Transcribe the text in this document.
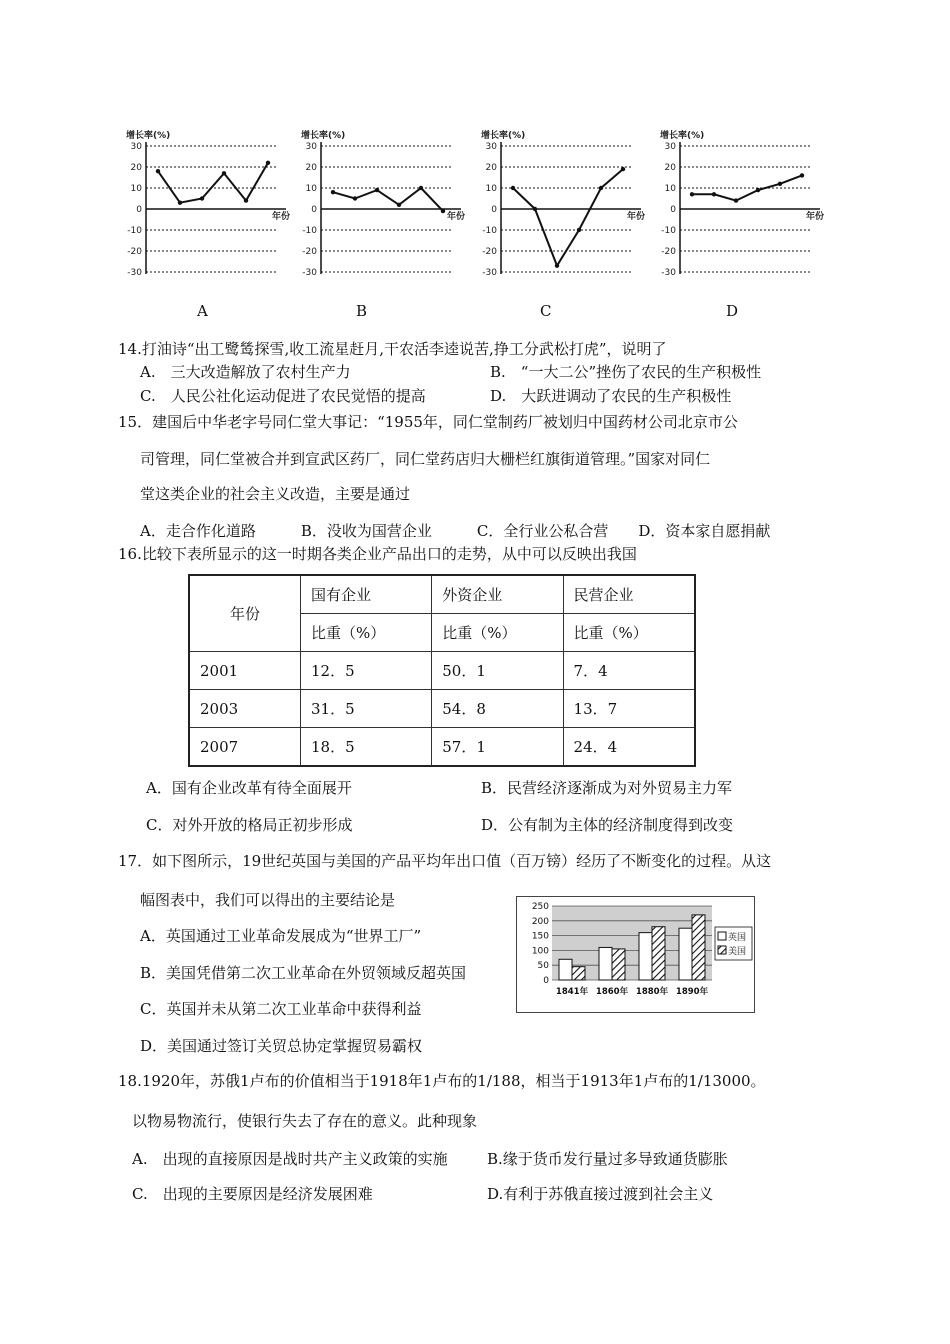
增长率(%)
30
20
10
0
-10
-20
-30
年份
增长率(%)
30
20
10
0
-10
-20
-30
年份
增长率(%)
30
20
10
0
-10
-20
-30
年份
增长率(%)
30
20
10
0
-10
-20
-30
年份
A	B	C	D
14.打油诗“出工鹭鸶探雪,收工流星赶月,干农活李逵说苦,挣工分武松打虎”，说明了
A.　三大改造解放了农村生产力	B.　“一大二公”挫伤了农民的生产积极性
C.　人民公社化运动促进了农民觉悟的提高	D.　大跃进调动了农民的生产积极性
15．建国后中华老字号同仁堂大事记：“1955年，同仁堂制药厂被划归中国药材公司北京市公
司管理，同仁堂被合并到宣武区药厂，同仁堂药店归大栅栏红旗街道管理。”国家对同仁
堂这类企业的社会主义改造，主要是通过
A．走合作化道路　　　B．没收为国营企业　　　C．全行业公私合营　　D．资本家自愿捐献
16.比较下表所显示的这一时期各类企业产品出口的走势，从中可以反映出我国
年份	国有企业	外资企业	民营企业
	比重（%）	比重（%）	比重（%）
2001	12．5	50．1	7．4
2003	31．5	54．8	13．7
2007	18．5	57．1	24．4
A．国有企业改革有待全面展开	B．民营经济逐渐成为对外贸易主力军
C．对外开放的格局正初步形成	D．公有制为主体的经济制度得到改变
17．如下图所示，19世纪英国与美国的产品平均年出口值（百万镑）经历了不断变化的过程。从这
幅图表中，我们可以得出的主要结论是
A．英国通过工业革命发展成为“世界工厂”
B．美国凭借第二次工业革命在外贸领域反超英国
C．英国并未从第二次工业革命中获得利益
D．美国通过签订关贸总协定掌握贸易霸权
250
200
150
100
50
0
1841年 1860年 1880年 1890年
英国
美国
18.1920年，苏俄1卢布的价值相当于1918年1卢布的1/188，相当于1913年1卢布的1/13000。
以物易物流行，使银行失去了存在的意义。此种现象
A.　出现的直接原因是战时共产主义政策的实施	B.缘于货币发行量过多导致通货膨胀
C.　出现的主要原因是经济发展困难	D.有利于苏俄直接过渡到社会主义
